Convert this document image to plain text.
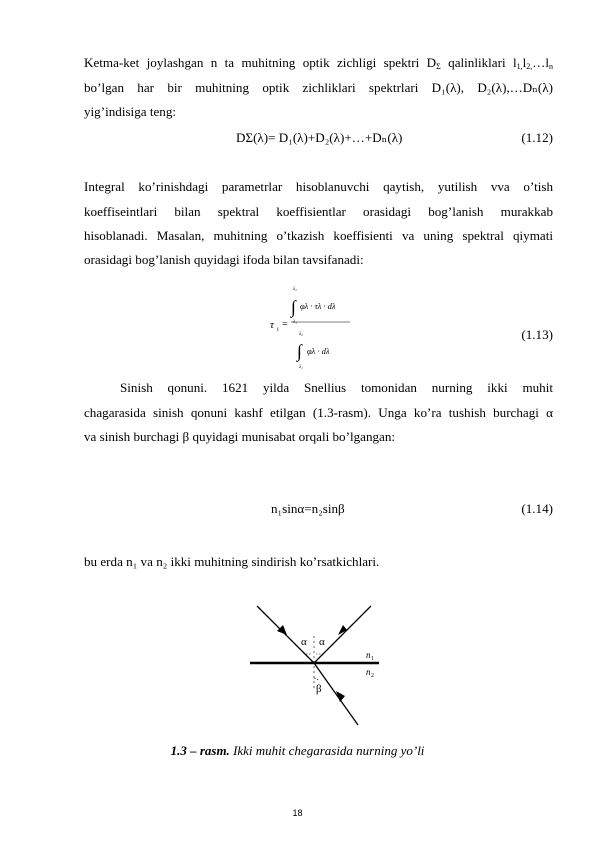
Ketma-ket joylashgan n ta muhitning optik zichligi spektri $D_\Sigma$ qalinliklari $l_{1,}l_{2,}\dots l_n$
bo’lgan har bir muhitning optik zichliklari spektrlari D₁(λ), D₂(λ),…Dₙ(λ)
yig’indisiga teng:
DΣ(λ)= D₁(λ)+D₂(λ)+…+Dₙ(λ)	(1.12)
Integral ko’rinishdagi parametrlar hisoblanuvchi qaytish, yutilish vva o’tish
koeffiseintlari bilan spektral koeffisientlar orasidagi bog’lanish murakkab
hisoblanadi. Masalan, muhitning o’tkazish koeffisienti va uning spektral qiymati
orasidagi bog’lanish quyidagi ifoda bilan tavsifanadi:
τ i =
λ₂
∫
λ₁
φλ · τλ · dλ
λ₂
∫
λ₁
φλ · dλ
(1.13)
Sinish qonuni. 1621 yilda Snellius tomonidan nurning ikki muhit
chagarasida sinish qonuni kashf etilgan (1.3-rasm). Unga ko’ra tushish burchagi α
va sinish burchagi β quyidagi munisabat orqali bo’lgangan:
n₁sinα=n₂sinβ	(1.14)
bu erda n₁ va n₂ ikki muhitning sindirish ko’rsatkichlari.
α α
β
n 1
n 2
1.3 – rasm. Ikki muhit chegarasida nurning yo’li
18
